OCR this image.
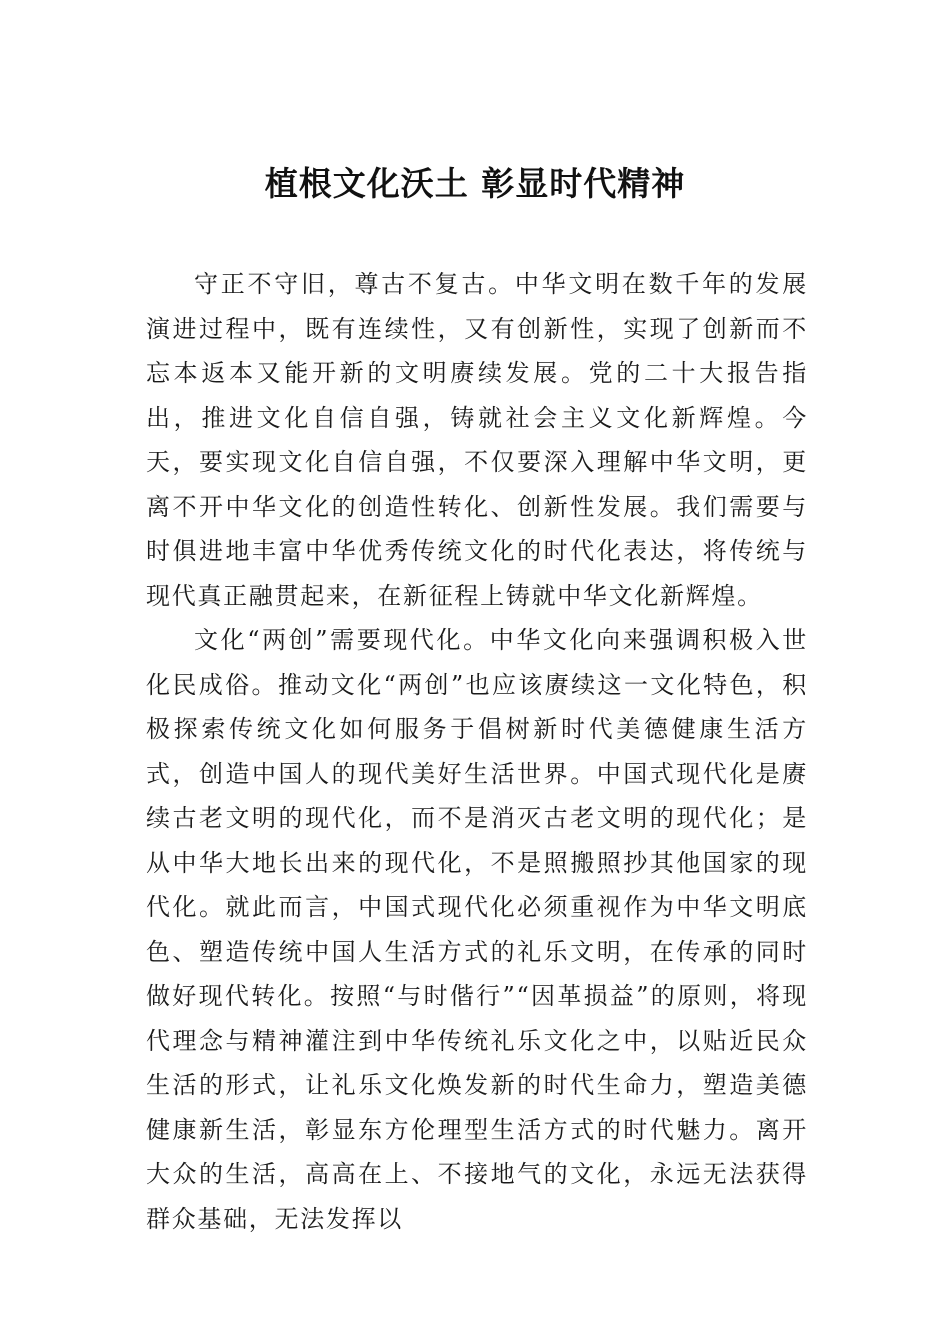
植根文化沃土 彰显时代精神

守正不守旧，尊古不复古。中华文明在数千年的发展演进过程中，既有连续性，又有创新性，实现了创新而不忘本返本又能开新的文明赓续发展。党的二十大报告指出，推进文化自信自强，铸就社会主义文化新辉煌。今天，要实现文化自信自强，不仅要深入理解中华文明，更离不开中华文化的创造性转化、创新性发展。我们需要与时俱进地丰富中华优秀传统文化的时代化表达，将传统与现代真正融贯起来，在新征程上铸就中华文化新辉煌。

文化“两创”需要现代化。中华文化向来强调积极入世化民成俗。推动文化“两创”也应该赓续这一文化特色，积极探索传统文化如何服务于倡树新时代美德健康生活方式，创造中国人的现代美好生活世界。中国式现代化是赓续古老文明的现代化，而不是消灭古老文明的现代化；是从中华大地长出来的现代化，不是照搬照抄其他国家的现代化。就此而言，中国式现代化必须重视作为中华文明底色、塑造传统中国人生活方式的礼乐文明，在传承的同时做好现代转化。按照“与时偕行”“因革损益”的原则，将现代理念与精神灌注到中华传统礼乐文化之中，以贴近民众生活的形式，让礼乐文化焕发新的时代生命力，塑造美德健康新生活，彰显东方伦理型生活方式的时代魅力。离开大众的生活，高高在上、不接地气的文化，永远无法获得群众基础，无法发挥以
